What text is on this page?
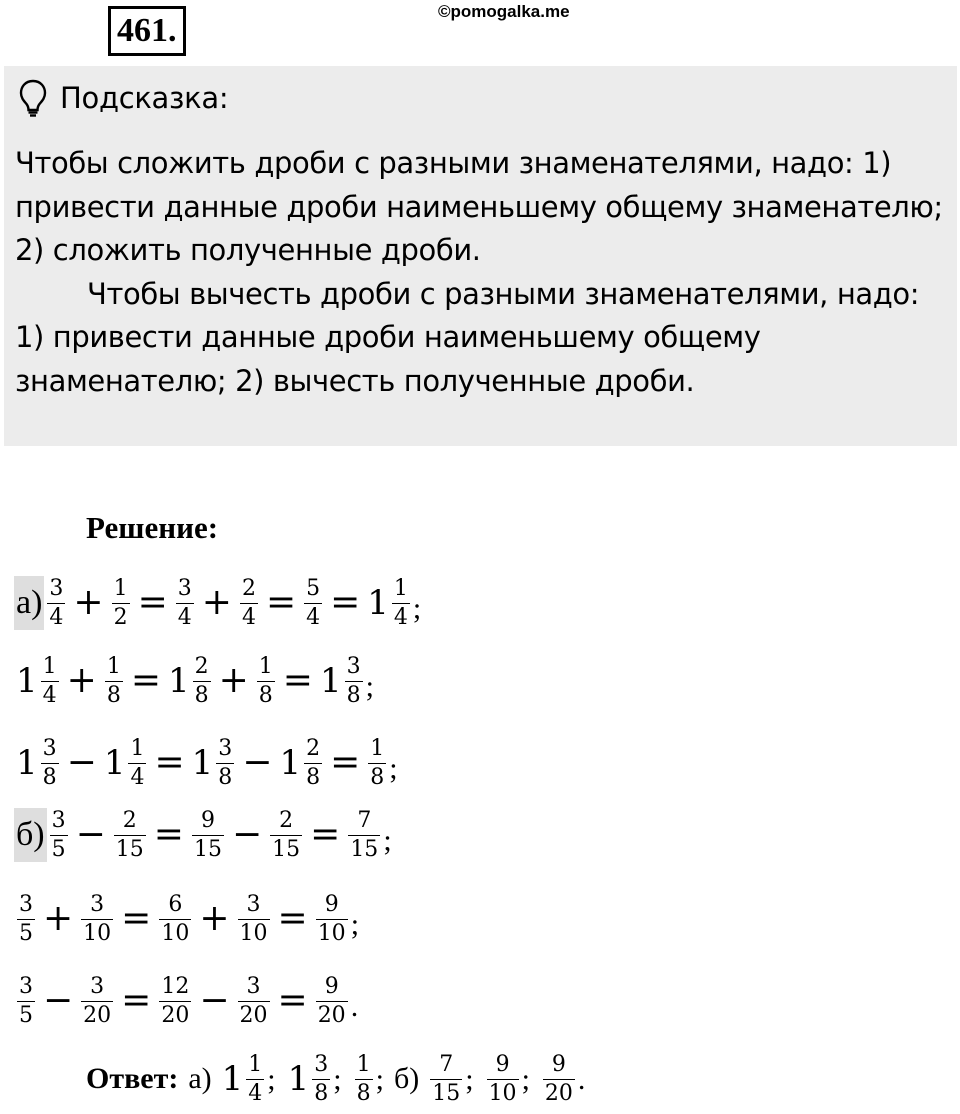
461.
©pomogalka.me
Подсказка:

Чтобы сложить дроби с разными знаменателями, надо: 1) привести данные дроби наименьшему общему знаменателю; 2) сложить полученные дроби.

Чтобы вычесть дроби с разными знаменателями, надо: 1) привести данные дроби наименьшему общему знаменателю; 2) вычесть полученные дроби.

Решение:
$а) \frac{3}{4} + \frac{1}{2} = \frac{3}{4} + \frac{2}{4} = \frac{5}{4} = 1 \frac{1}{4}$ ;
$1 \frac{1}{4} + \frac{1}{8} = 1 \frac{2}{8} + \frac{1}{8} = 1 \frac{3}{8}$ ;
$1 \frac{3}{8} - 1 \frac{1}{4} = 1 \frac{3}{8} - 1 \frac{2}{8} = \frac{1}{8}$ ;
$б) \frac{3}{5} - \frac{2}{15} = \frac{9}{15} - \frac{2}{15} = \frac{7}{15}$ ;
$\frac{3}{5} + \frac{3}{10} = \frac{6}{10} + \frac{3}{10} = \frac{9}{10}$ ;
$\frac{3}{5} - \frac{3}{20} = \frac{12}{20} - \frac{3}{20} = \frac{9}{20}$ .
Ответ: а) $1 \frac{1}{4}$ ; $1 \frac{3}{8}$ ; $\frac{1}{8}$ ; $б) \frac{7}{15}$ ; $\frac{9}{10}$ ; $\frac{9}{20}$ .
